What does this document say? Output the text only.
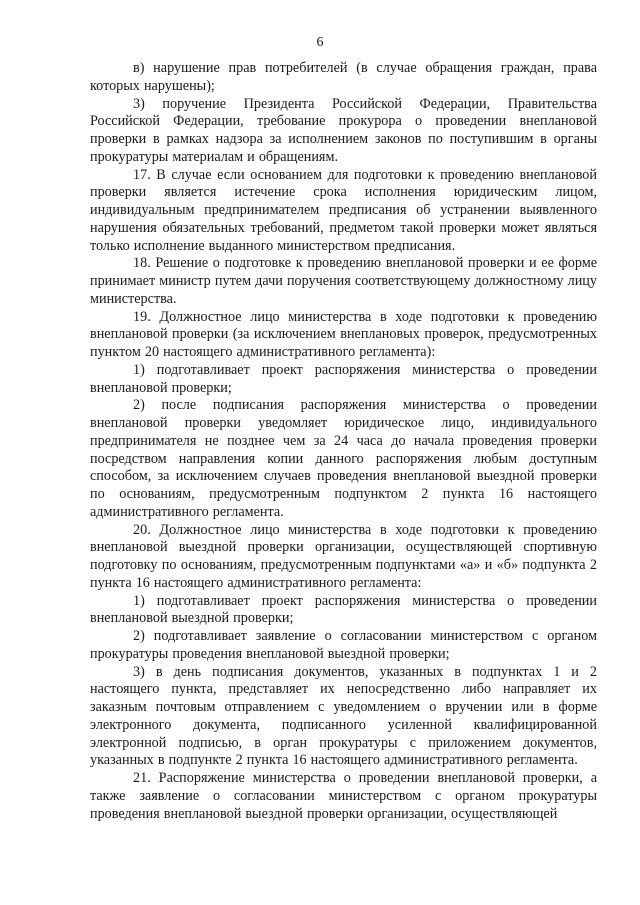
6

в) нарушение прав потребителей (в случае обращения граждан, права которых нарушены);

3) поручение Президента Российской Федерации, Правительства Российской Федерации, требование прокурора о проведении внеплановой проверки в рамках надзора за исполнением законов по поступившим в органы прокуратуры материалам и обращениям.

17. В случае если основанием для подготовки к проведению внеплановой проверки является истечение срока исполнения юридическим лицом, индивидуальным предпринимателем предписания об устранении выявленного нарушения обязательных требований, предметом такой проверки может являться только исполнение выданного министерством предписания.

18. Решение о подготовке к проведению внеплановой проверки и ее форме принимает министр путем дачи поручения соответствующему должностному лицу министерства.

19. Должностное лицо министерства в ходе подготовки к проведению внеплановой проверки (за исключением внеплановых проверок, предусмотренных пунктом 20 настоящего административного регламента):

1) подготавливает проект распоряжения министерства о проведении внеплановой проверки;

2) после подписания распоряжения министерства о проведении внеплановой проверки уведомляет юридическое лицо, индивидуального предпринимателя не позднее чем за 24 часа до начала проведения проверки посредством направления копии данного распоряжения любым доступным способом, за исключением случаев проведения внеплановой выездной проверки по основаниям, предусмотренным подпунктом 2 пункта 16 настоящего административного регламента.

20. Должностное лицо министерства в ходе подготовки к проведению внеплановой выездной проверки организации, осуществляющей спортивную подготовку по основаниям, предусмотренным подпунктами «а» и «б» подпункта 2 пункта 16 настоящего административного регламента:

1) подготавливает проект распоряжения министерства о проведении внеплановой выездной проверки;

2) подготавливает заявление о согласовании министерством с органом прокуратуры проведения внеплановой выездной проверки;

3) в день подписания документов, указанных в подпунктах 1 и 2 настоящего пункта, представляет их непосредственно либо направляет их заказным почтовым отправлением с уведомлением о вручении или в форме электронного документа, подписанного усиленной квалифицированной электронной подписью, в орган прокуратуры с приложением документов, указанных в подпункте 2 пункта 16 настоящего административного регламента.

21. Распоряжение министерства о проведении внеплановой проверки, а также заявление о согласовании министерством с органом прокуратуры проведения внеплановой выездной проверки организации, осуществляющей
